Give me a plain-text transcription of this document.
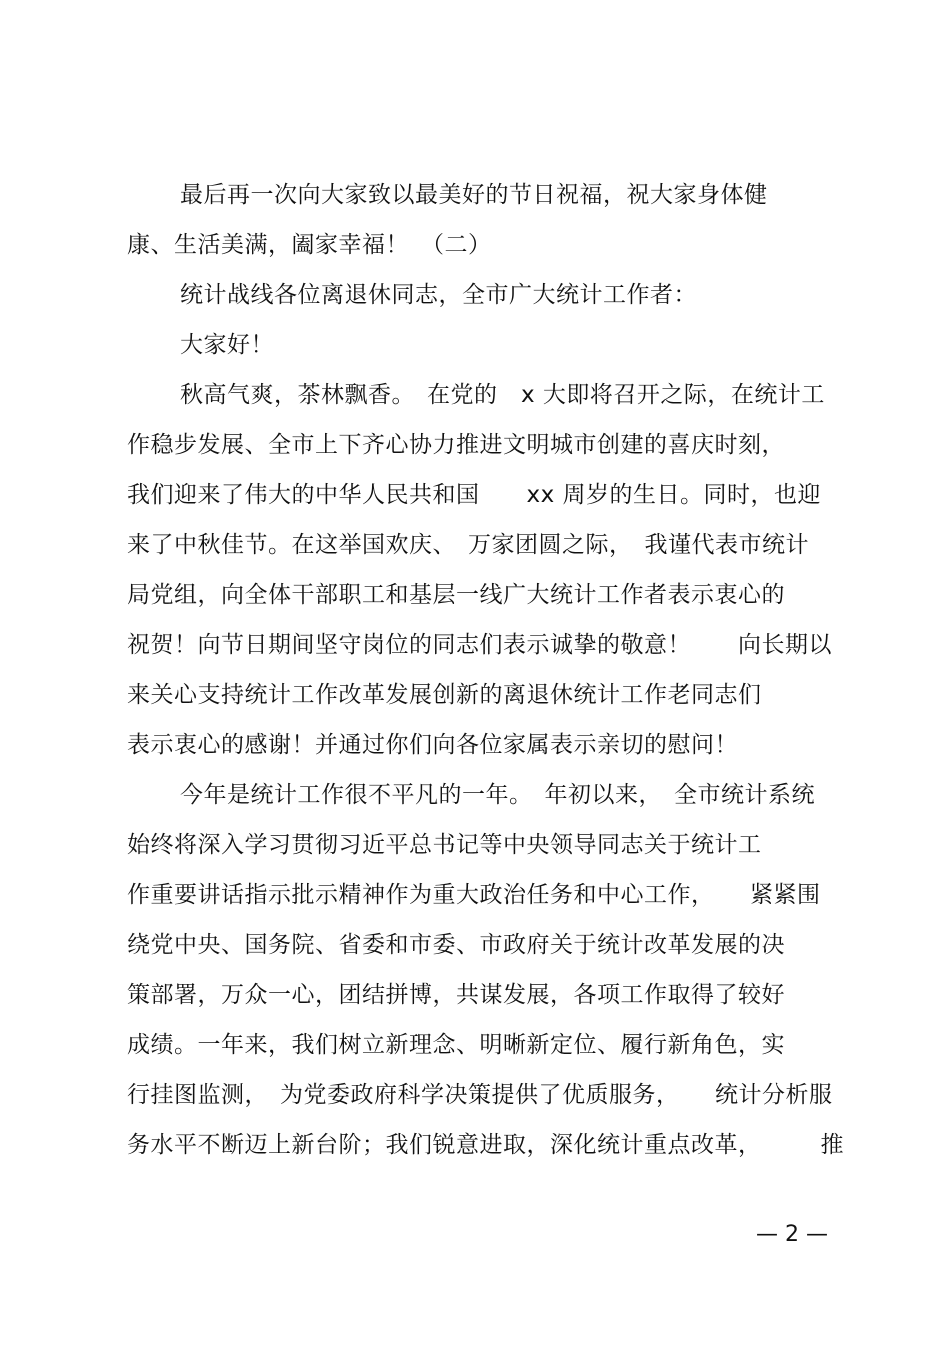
最后再一次向大家致以最美好的节日祝福，祝大家身体健
康、生活美满，阖家幸福！　（二）
统计战线各位离退休同志，全市广大统计工作者：
大家好！
秋高气爽，茶林飘香。　在党的　x 大即将召开之际，在统计工
作稳步发展、全市上下齐心协力推进文明城市创建的喜庆时刻，
我们迎来了伟大的中华人民共和国　　xx 周岁的生日。同时，也迎
来了中秋佳节。在这举国欢庆、　万家团圆之际，　我谨代表市统计
局党组，向全体干部职工和基层一线广大统计工作者表示衷心的
祝贺！向节日期间坚守岗位的同志们表示诚挚的敬意！　　向长期以
来关心支持统计工作改革发展创新的离退休统计工作老同志们
表示衷心的感谢！并通过你们向各位家属表示亲切的慰问！
今年是统计工作很不平凡的一年。　年初以来，　全市统计系统
始终将深入学习贯彻习近平总书记等中央领导同志关于统计工
作重要讲话指示批示精神作为重大政治任务和中心工作，　　紧紧围
绕党中央、国务院、省委和市委、市政府关于统计改革发展的决
策部署，万众一心，团结拼博，共谋发展，各项工作取得了较好
成绩。一年来，我们树立新理念、明晰新定位、履行新角色，实
行挂图监测，　为党委政府科学决策提供了优质服务，　　统计分析服
务水平不断迈上新台阶；我们锐意进取，深化统计重点改革，　　　推
— 2 —
